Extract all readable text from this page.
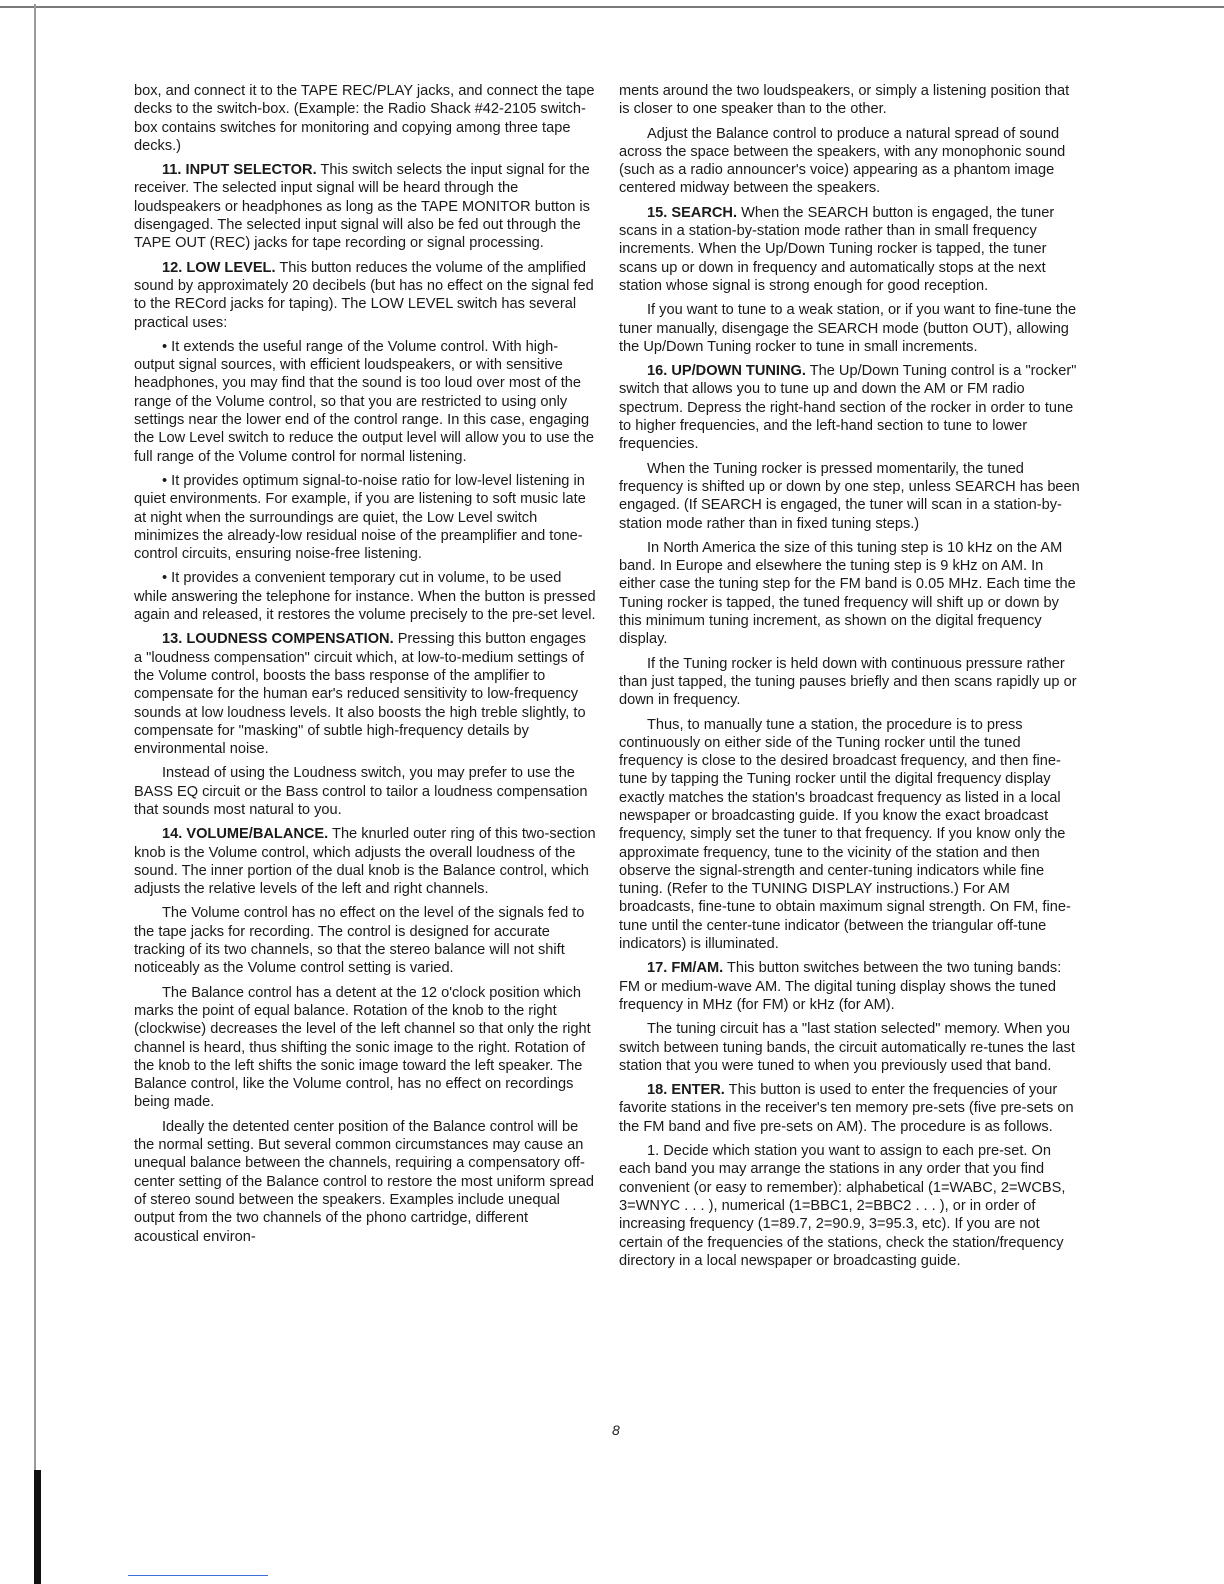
box, and connect it to the TAPE REC/PLAY jacks, and connect the tape decks to the switch-box. (Example: the Radio Shack #42-2105 switch-box contains switches for monitoring and copying among three tape decks.)

11. INPUT SELECTOR. This switch selects the input signal for the receiver. The selected input signal will be heard through the loudspeakers or headphones as long as the TAPE MONITOR button is disengaged. The selected input signal will also be fed out through the TAPE OUT (REC) jacks for tape recording or signal processing.

12. LOW LEVEL. This button reduces the volume of the amplified sound by approximately 20 decibels (but has no effect on the signal fed to the RECord jacks for taping). The LOW LEVEL switch has several practical uses:

• It extends the useful range of the Volume control. With high-output signal sources, with efficient loudspeakers, or with sensitive headphones, you may find that the sound is too loud over most of the range of the Volume control, so that you are restricted to using only settings near the lower end of the control range. In this case, engaging the Low Level switch to reduce the output level will allow you to use the full range of the Volume control for normal listening.

• It provides optimum signal-to-noise ratio for low-level listening in quiet environments. For example, if you are listening to soft music late at night when the surroundings are quiet, the Low Level switch minimizes the already-low residual noise of the preamplifier and tone-control circuits, ensuring noise-free listening.

• It provides a convenient temporary cut in volume, to be used while answering the telephone for instance. When the button is pressed again and released, it restores the volume precisely to the pre-set level.

13. LOUDNESS COMPENSATION. Pressing this button engages a "loudness compensation" circuit which, at low-to-medium settings of the Volume control, boosts the bass response of the amplifier to compensate for the human ear's reduced sensitivity to low-frequency sounds at low loudness levels. It also boosts the high treble slightly, to compensate for "masking" of subtle high-frequency details by environmental noise.

Instead of using the Loudness switch, you may prefer to use the BASS EQ circuit or the Bass control to tailor a loudness compensation that sounds most natural to you.

14. VOLUME/BALANCE. The knurled outer ring of this two-section knob is the Volume control, which adjusts the overall loudness of the sound. The inner portion of the dual knob is the Balance control, which adjusts the relative levels of the left and right channels.

The Volume control has no effect on the level of the signals fed to the tape jacks for recording. The control is designed for accurate tracking of its two channels, so that the stereo balance will not shift noticeably as the Volume control setting is varied.

The Balance control has a detent at the 12 o'clock position which marks the point of equal balance. Rotation of the knob to the right (clockwise) decreases the level of the left channel so that only the right channel is heard, thus shifting the sonic image to the right. Rotation of the knob to the left shifts the sonic image toward the left speaker. The Balance control, like the Volume control, has no effect on recordings being made.

Ideally the detented center position of the Balance control will be the normal setting. But several common circumstances may cause an unequal balance between the channels, requiring a compensatory off-center setting of the Balance control to restore the most uniform spread of stereo sound between the speakers. Examples include unequal output from the two channels of the phono cartridge, different acoustical environ-

ments around the two loudspeakers, or simply a listening position that is closer to one speaker than to the other.

Adjust the Balance control to produce a natural spread of sound across the space between the speakers, with any monophonic sound (such as a radio announcer's voice) appearing as a phantom image centered midway between the speakers.

15. SEARCH. When the SEARCH button is engaged, the tuner scans in a station-by-station mode rather than in small frequency increments. When the Up/Down Tuning rocker is tapped, the tuner scans up or down in frequency and automatically stops at the next station whose signal is strong enough for good reception.

If you want to tune to a weak station, or if you want to fine-tune the tuner manually, disengage the SEARCH mode (button OUT), allowing the Up/Down Tuning rocker to tune in small increments.

16. UP/DOWN TUNING. The Up/Down Tuning control is a "rocker" switch that allows you to tune up and down the AM or FM radio spectrum. Depress the right-hand section of the rocker in order to tune to higher frequencies, and the left-hand section to tune to lower frequencies.

When the Tuning rocker is pressed momentarily, the tuned frequency is shifted up or down by one step, unless SEARCH has been engaged. (If SEARCH is engaged, the tuner will scan in a station-by-station mode rather than in fixed tuning steps.)

In North America the size of this tuning step is 10 kHz on the AM band. In Europe and elsewhere the tuning step is 9 kHz on AM. In either case the tuning step for the FM band is 0.05 MHz. Each time the Tuning rocker is tapped, the tuned frequency will shift up or down by this minimum tuning increment, as shown on the digital frequency display.

If the Tuning rocker is held down with continuous pressure rather than just tapped, the tuning pauses briefly and then scans rapidly up or down in frequency.

Thus, to manually tune a station, the procedure is to press continuously on either side of the Tuning rocker until the tuned frequency is close to the desired broadcast frequency, and then fine-tune by tapping the Tuning rocker until the digital frequency display exactly matches the station's broadcast frequency as listed in a local newspaper or broadcasting guide. If you know the exact broadcast frequency, simply set the tuner to that frequency. If you know only the approximate frequency, tune to the vicinity of the station and then observe the signal-strength and center-tuning indicators while fine tuning. (Refer to the TUNING DISPLAY instructions.) For AM broadcasts, fine-tune to obtain maximum signal strength. On FM, fine-tune until the center-tune indicator (between the triangular off-tune indicators) is illuminated.

17. FM/AM. This button switches between the two tuning bands: FM or medium-wave AM. The digital tuning display shows the tuned frequency in MHz (for FM) or kHz (for AM).

The tuning circuit has a "last station selected" memory. When you switch between tuning bands, the circuit automatically re-tunes the last station that you were tuned to when you previously used that band.

18. ENTER. This button is used to enter the frequencies of your favorite stations in the receiver's ten memory pre-sets (five pre-sets on the FM band and five pre-sets on AM). The procedure is as follows.

1. Decide which station you want to assign to each pre-set. On each band you may arrange the stations in any order that you find convenient (or easy to remember): alphabetical (1=WABC, 2=WCBS, 3=WNYC . . . ), numerical (1=BBC1, 2=BBC2 . . . ), or in order of increasing frequency (1=89.7, 2=90.9, 3=95.3, etc). If you are not certain of the frequencies of the stations, check the station/frequency directory in a local newspaper or broadcasting guide.

8
